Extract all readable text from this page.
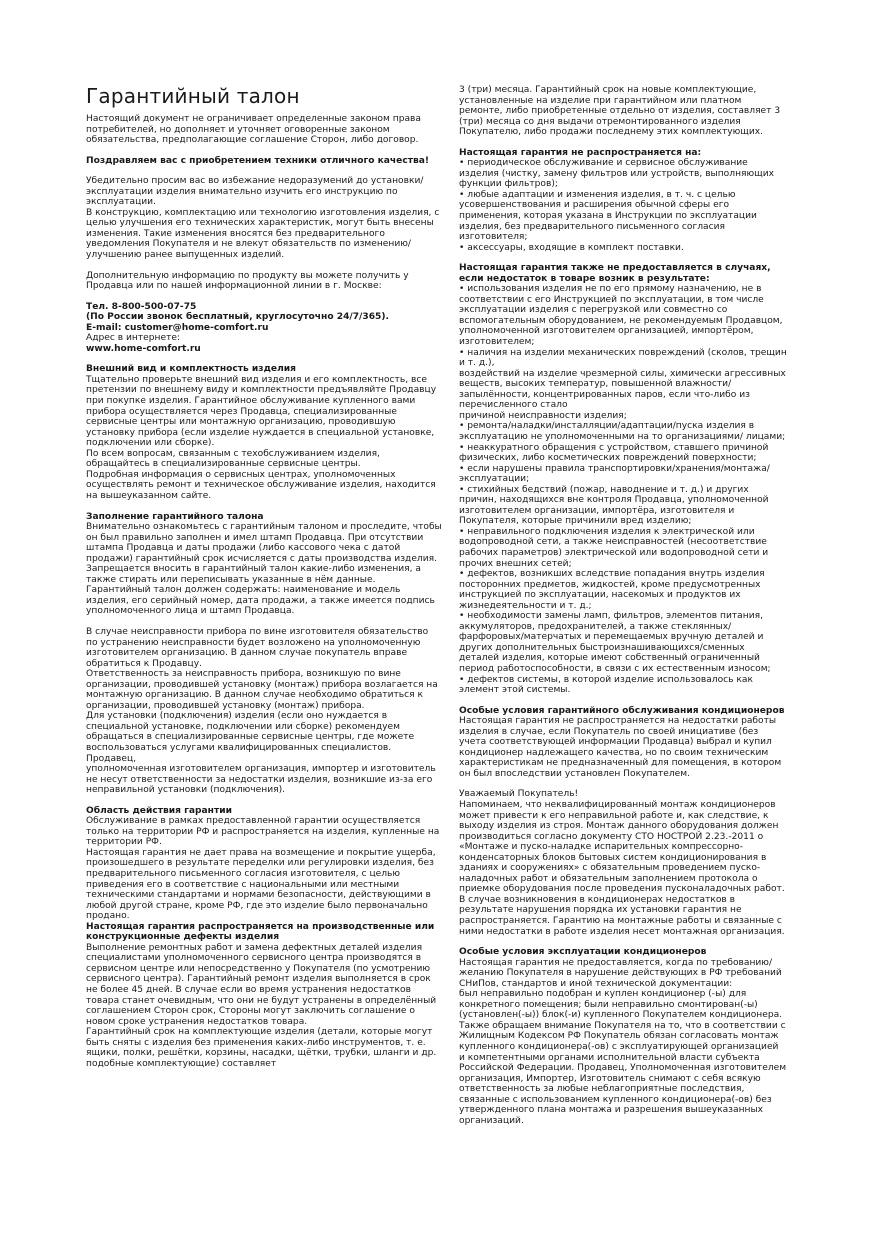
Гарантийный талон
Настоящий документ не ограничивает определенные законом права потребителей, но дополняет и уточняет оговоренные законом обязательства, предполагающие соглашение Сторон, либо договор.
Поздравляем вас с приобретением техники отличного качества!
Убедительно просим вас во избежание недоразумений до установки/эксплуатации изделия внимательно изучить его инструкцию по эксплуатации.
В конструкцию, комплектацию или технологию изготовления изделия, с целью улучшения его технических характеристик, могут быть внесены изменения. Такие изменения вносятся без предварительного уведомления Покупателя и не влекут обязательств по изменению/улучшению ранее выпущенных изделий.
Дополнительную информацию по продукту вы можете получить у Продавца или по нашей информационной линии в г. Москве:
Тел. 8-800-500-07-75
(По России звонок бесплатный, круглосуточно 24/7/365).
E-mail: customer@home-comfort.ru
Адрес в интернете:
www.home-comfort.ru
Внешний вид и комплектность изделия
Тщательно проверьте внешний вид изделия и его комплектность, все претензии по внешнему виду и комплектности предъявляйте Продавцу при покупке изделия. Гарантийное обслуживание купленного вами прибора осуществляется через Продавца, специализированные сервисные центры или монтажную организацию, проводившую установку прибора (если изделие нуждается в специальной установке, подключении или сборке).
По всем вопросам, связанным с техобслуживанием изделия, обращайтесь в специализированные сервисные центры.
Подробная информация о сервисных центрах, уполномоченных осуществлять ремонт и техническое обслуживание изделия, находится на вышеуказанном сайте.
Заполнение гарантийного талона
Внимательно ознакомьтесь с гарантийным талоном и проследите, чтобы он был правильно заполнен и имел штамп Продавца. При отсутствии штампа Продавца и даты продажи (либо кассового чека с датой продажи) гарантийный срок исчисляется с даты производства изделия.
Запрещается вносить в гарантийный талон какие-либо изменения, а также стирать или переписывать указанные в нём данные.
Гарантийный талон должен содержать: наименование и модель изделия, его серийный номер, дата продажи, а также имеется подпись уполномоченного лица и штамп Продавца.
В случае неисправности прибора по вине изготовителя обязательство по устранению неисправности будет возложено на уполномоченную изготовителем организацию. В данном случае покупатель вправе обратиться к Продавцу.
Ответственность за неисправность прибора, возникшую по вине организации, проводившей установку (монтаж) прибора возлагается на монтажную организацию. В данном случае необходимо обратиться к организации, проводившей установку (монтаж) прибора.
Для установки (подключения) изделия (если оно нуждается в специальной установке, подключении или сборке) рекомендуем обращаться в специализированные сервисные центры, где можете воспользоваться услугами квалифицированных специалистов.
Продавец,
уполномоченная изготовителем организация, импортер и изготовитель не несут ответственности за недостатки изделия, возникшие из-за его неправильной установки (подключения).
Область действия гарантии
Обслуживание в рамках предоставленной гарантии осуществляется только на территории РФ и распространяется на изделия, купленные на территории РФ.
Настоящая гарантия не дает права на возмещение и покрытие ущерба, произошедшего в результате переделки или регулировки изделия, без предварительного письменного согласия изготовителя, с целью приведения его в соответствие с национальными или местными техническими стандартами и нормами безопасности, действующими в любой другой стране, кроме РФ, где это изделие было первоначально продано.
Настоящая гарантия распространяется на производственные или конструкционные дефекты изделия
Выполнение ремонтных работ и замена дефектных деталей изделия специалистами уполномоченного сервисного центра производятся в сервисном центре или непосредственно у Покупателя (по усмотрению сервисного центра). Гарантийный ремонт изделия выполняется в срок не более 45 дней. В случае если во время устранения недостатков товара станет очевидным, что они не будут устранены в определённый соглашением Сторон срок, Стороны могут заключить соглашение о новом сроке устранения недостатков товара.
Гарантийный срок на комплектующие изделия (детали, которые могут быть сняты с изделия без применения каких-либо инструментов, т. е. ящики, полки, решётки, корзины, насадки, щётки, трубки, шланги и др. подобные комплектующие) составляет
3 (три) месяца. Гарантийный срок на новые комплектующие, установленные на изделие при гарантийном или платном ремонте, либо приобретенные отдельно от изделия, составляет 3 (три) месяца со дня выдачи отремонтированного изделия Покупателю, либо продажи последнему этих комплектующих.
Настоящая гарантия не распространяется на:
• периодическое обслуживание и сервисное обслуживание изделия (чистку, замену фильтров или устройств, выполняющих функции фильтров);
• любые адаптации и изменения изделия, в т. ч. с целью усовершенствования и расширения обычной сферы его применения, которая указана в Инструкции по эксплуатации изделия, без предварительного письменного согласия изготовителя;
• аксессуары, входящие в комплект поставки.
Настоящая гарантия также не предоставляется в случаях, если недостаток в товаре возник в результате:
• использования изделия не по его прямому назначению, не в соответствии с его Инструкцией по эксплуатации, в том числе эксплуатации изделия с перегрузкой или совместно со вспомогательным оборудованием, не рекомендуемым Продавцом, уполномоченной изготовителем организацией, импортёром, изготовителем;
• наличия на изделии механических повреждений (сколов, трещин и т. д.),
воздействий на изделие чрезмерной силы, химически агрессивных веществ, высоких температур, повышенной влажности/запылённости, концентрированных паров, если что-либо из перечисленного стало
причиной неисправности изделия;
• ремонта/наладки/инсталляции/адаптации/пуска изделия в эксплуатацию не уполномоченными на то организациями/ лицами;
• неаккуратного обращения с устройством, ставшего причиной физических, либо косметических повреждений поверхности;
• если нарушены правила транспортировки/хранения/монтажа/эксплуатации;
• стихийных бедствий (пожар, наводнение и т. д.) и других причин, находящихся вне контроля Продавца, уполномоченной изготовителем организации, импортёра, изготовителя и Покупателя, которые причинили вред изделию;
• неправильного подключения изделия к электрической или водопроводной сети, а также неисправностей (несоответствие рабочих параметров) электрической или водопроводной сети и прочих внешних сетей;
• дефектов, возникших вследствие попадания внутрь изделия посторонних предметов, жидкостей, кроме предусмотренных инструкцией по эксплуатации, насекомых и продуктов их жизнедеятельности и т. д.;
• необходимости замены ламп, фильтров, элементов питания, аккумуляторов, предохранителей, а также стеклянных/фарфоровых/матерчатых и перемещаемых вручную деталей и других дополнительных быстроизнашивающихся/сменных деталей изделия, которые имеют собственный ограниченный период работоспособности, в связи с их естественным износом;
• дефектов системы, в которой изделие использовалось как элемент этой системы.
Особые условия гарантийного обслуживания кондиционеров
Настоящая гарантия не распространяется на недостатки работы изделия в случае, если Покупатель по своей инициативе (без учета соответствующей информации Продавца) выбрал и купил кондиционер надлежащего качества, но по своим техническим характеристикам не предназначенный для помещения, в котором он был впоследствии установлен Покупателем.
Уважаемый Покупатель!
Напоминаем, что неквалифицированный монтаж кондиционеров может привести к его неправильной работе и, как следствие, к выходу изделия из строя. Монтаж данного оборудования должен производиться согласно документу СТО НОСТРОЙ 2.23.-2011 о «Монтаже и пуско-наладке испарительных компрессорно-конденсаторных блоков бытовых систем кондиционирования в зданиях и сооружениях» с обязательным проведением пуско-наладочных работ и обязательным заполнением протокола о приемке оборудования после проведения пусконаладочных работ.
В случае возникновения в кондиционерах недостатков в результате нарушения порядка их установки гарантия не распространяется. Гарантию на монтажные работы и связанные с ними недостатки в работе изделия несет монтажная организация.
Особые условия эксплуатации кондиционеров
Настоящая гарантия не предоставляется, когда по требованию/желанию Покупателя в нарушение действующих в РФ требований СНиПов, стандартов и иной технической документации:
был неправильно подобран и куплен кондиционер (-ы) для конкретного помещения; были неправильно смонтирован(-ы) (установлен(-ы)) блок(-и) купленного Покупателем кондиционера.
Также обращаем внимание Покупателя на то, что в соответствии с Жилищным Кодексом РФ Покупатель обязан согласовать монтаж купленного кондиционера(-ов) с эксплуатирующей организацией и компетентными органами исполнительной власти субъекта Российской Федерации. Продавец, Уполномоченная изготовителем организация, Импортер, Изготовитель снимают с себя всякую ответственность за любые неблагоприятные последствия, связанные с использованием купленного кондиционера(-ов) без утвержденного плана монтажа и разрешения вышеуказанных организаций.
